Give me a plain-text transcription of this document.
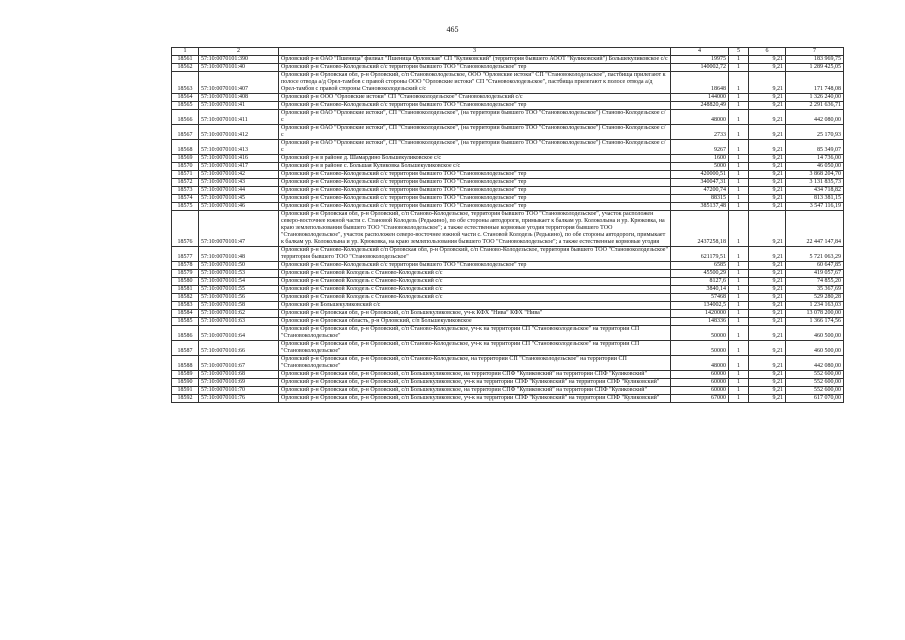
465
1	2	3	4	5	6	7
18561	57:10:0070101:390	Орловский р-н ОАО "Пшеница" филиал "Пшеница Орловская" СП "Куликовский" (территория бывшего АООТ "Куликовский") Большекуликовское с/с	19975	1	9,21	183 969,75
18562	57:10:0070101:40	Орловский р-н Станово-Колодезьский с/с территория бывшего ТОО "Становоколодезьское" тер	140002,72	1	9,21	1 289 425,05
18563	57:10:0070101:407	Орловский р-н Орловская обл, р-н Орловский, с/п Становоколодезьское, ООО "Орловские истоки" СП "Становоколодезьское", пастбища прилегают к полосе отвода а/д Орел-тамбов с правой стороны ООО "Орловские истоки" СП "Становоколодезьское", пастбища прилегают к полосе отвода а/д Орел-тамбов с правой стороны Становоколодезьский с/с	18648	1	9,21	171 748,08
18564	57:10:0070101:408	Орловский р-н ООО "Орловские истоки" СП "Становоколодезьское" Становоколодезьский с/с	144000	1	9,21	1 326 240,00
18565	57:10:0070101:41	Орловский р-н Станово-Колодезьский с/с территория бывшего ТОО "Становоколодезьское" тер	248820,49	1	9,21	2 291 636,71
18566	57:10:0070101:411	Орловский р-н ОАО "Орловские истоки", СП "Становоколодезьское", (на территории бывшего ТОО "Становоколодезьское") Станово-Колодезьское с/с	48000	1	9,21	442 080,00
18567	57:10:0070101:412	Орловский р-н ОАО "Орловские истоки", СП "Становоколодезьское", (на территории бывшего ТОО "Становоколодезьское") Станово-Колодезьское с/с	2733	1	9,21	25 170,93
18568	57:10:0070101:413	Орловский р-н ОАО "Орловские истоки", СП "Становоколодезьское", (на территории бывшего ТОО "Становоколодезьское") Станово-Колодезьское с/с	9267	1	9,21	85 349,07
18569	57:10:0070101:416	Орловский р-н в районе д. Шамардино Большекуликовское с/с	1600	1	9,21	14 736,00
18570	57:10:0070101:417	Орловский р-н в районе с. Большая Куликовка Большекуликовское с/с	5000	1	9,21	46 050,00
18571	57:10:0070101:42	Орловский р-н Станово-Колодезьский с/с территория бывшего ТОО "Становоколодезьское" тер	420000,51	1	9,21	3 868 204,70
18572	57:10:0070101:43	Орловский р-н Станово-Колодезьский с/с территория бывшего ТОО "Становоколодезьское" тер	340047,31	1	9,21	3 131 835,73
18573	57:10:0070101:44	Орловский р-н Станово-Колодезьский с/с территория бывшего ТОО "Становоколодезьское" тер	47200,74	1	9,21	434 718,82
18574	57:10:0070101:45	Орловский р-н Станово-Колодезьский с/с территория бывшего ТОО "Становоколодезьское" тер	88315	1	9,21	813 381,15
18575	57:10:0070101:46	Орловский р-н Станово-Колодезьский с/с территория бывшего ТОО "Становоколодезьское" тер	385137,48	1	9,21	3 547 116,19
18576	57:10:0070101:47	Орловский р-н Орловская обл, р-н Орловский, с/п Станово-Колодезьское, территория бывшего ТОО "Становоколодезьское", участок расположен северо-восточнее южной части с. Становой Колодезь (Редькино), по обе стороны автодороги, примыкает к балкам ур. Колоколына и ур. Крюковка, на краю землепользования бывшего ТОО "Становоколодезьское"; а также естественные кормовые угодия территория бывшего ТОО "Становоколодезьское", участок расположен северо-восточнее южной части с. Становой Колодезь (Редькино), по обе стороны автодороги, примыкает к балкам ур. Колоколына и ур. Крюковка, на краю землепользования бывшего ТОО "Становоколодезьское"; а также естественные кормовые угодия	2437258,18	1	9,21	22 447 147,84
18577	57:10:0070101:48	Орловский р-н Станово-Колодезьский с/п Орловская обл, р-н Орловский, с/п Станово-Колодезьское, территория бывшего ТОО "Становоколодезьское" территория бывшего ТОО "Становоколодезьское"	621179,51	1	9,21	5 721 063,29
18578	57:10:0070101:50	Орловский р-н Станово-Колодезьский с/с территория бывшего ТОО "Становоколодезьское" тер	6585	1	9,21	60 647,85
18579	57:10:0070101:53	Орловский р-н Становой Колодезь с Станово-Колодезьский с/с	45500,29	1	9,21	419 057,67
18580	57:10:0070101:54	Орловский р-н Становой Колодезь с Станово-Колодезьский с/с	8127,6	1	9,21	74 855,20
18581	57:10:0070101:55	Орловский р-н Становой Колодезь с Станово-Колодезьский с/с	3840,14	1	9,21	35 367,69
18582	57:10:0070101:56	Орловский р-н Становой Колодезь с Станово-Колодезьский с/с	57468	1	9,21	529 280,28
18583	57:10:0070101:58	Орловский р-н Большекуликовский с/с	134002,5	1	9,21	1 234 163,03
18584	57:10:0070101:62	Орловский р-н Орловская обл, р-н Орловский, с/п Большекуликовское, уч-к КФХ "Нива" КФХ "Нива"	1420000	1	9,21	13 078 200,00
18585	57:10:0070101:63	Орловский р-н Орловская область, р-н Орловский, с/п Большекуликовское	148336	1	9,21	1 366 174,56
18586	57:10:0070101:64	Орловский р-н Орловская обл, р-н Орловский, с/п Станово-Колодезьское, уч-к на территории СП "Становоколодезьское" на территории СП "Становоколодезьское"	50000	1	9,21	460 500,00
18587	57:10:0070101:66	Орловский р-н Орловская обл, р-н Орловский, с/п Станово-Колодезьское, уч-к на территории СП "Становоколодезьское" на территории СП "Становоколодезьское"	50000	1	9,21	460 500,00
18588	57:10:0070101:67	Орловский р-н Орловская обл, р-н Орловский, с/п Станово-Колодезьское, на территории СП "Становоколодезьское" на территории СП "Становоколодезьское"	48000	1	9,21	442 080,00
18589	57:10:0070101:68	Орловский р-н Орловская обл, р-н Орловский, с/п Большекуликовское, на территории СПФ "Куликовский" на территории СПФ "Куликовский"	60000	1	9,21	552 600,00
18590	57:10:0070101:69	Орловский р-н Орловская обл, р-н Орловский, с/п Большекуликовское, уч-к на территории СПФ "Куликовский" на территории СПФ "Куликовский"	60000	1	9,21	552 600,00
18591	57:10:0070101:70	Орловский р-н Орловская обл, р-н Орловский, с/п Большекуликовское, на территории СПФ "Куликовский" на территории СПФ "Куликовский"	60000	1	9,21	552 600,00
18592	57:10:0070101:76	Орловский р-н Орловская обл, р-н Орловский, с/п Большекуликовское, уч-к на территории СПФ "Куликовский" на территории СПФ "Куликовский"	67000	1	9,21	617 070,00
